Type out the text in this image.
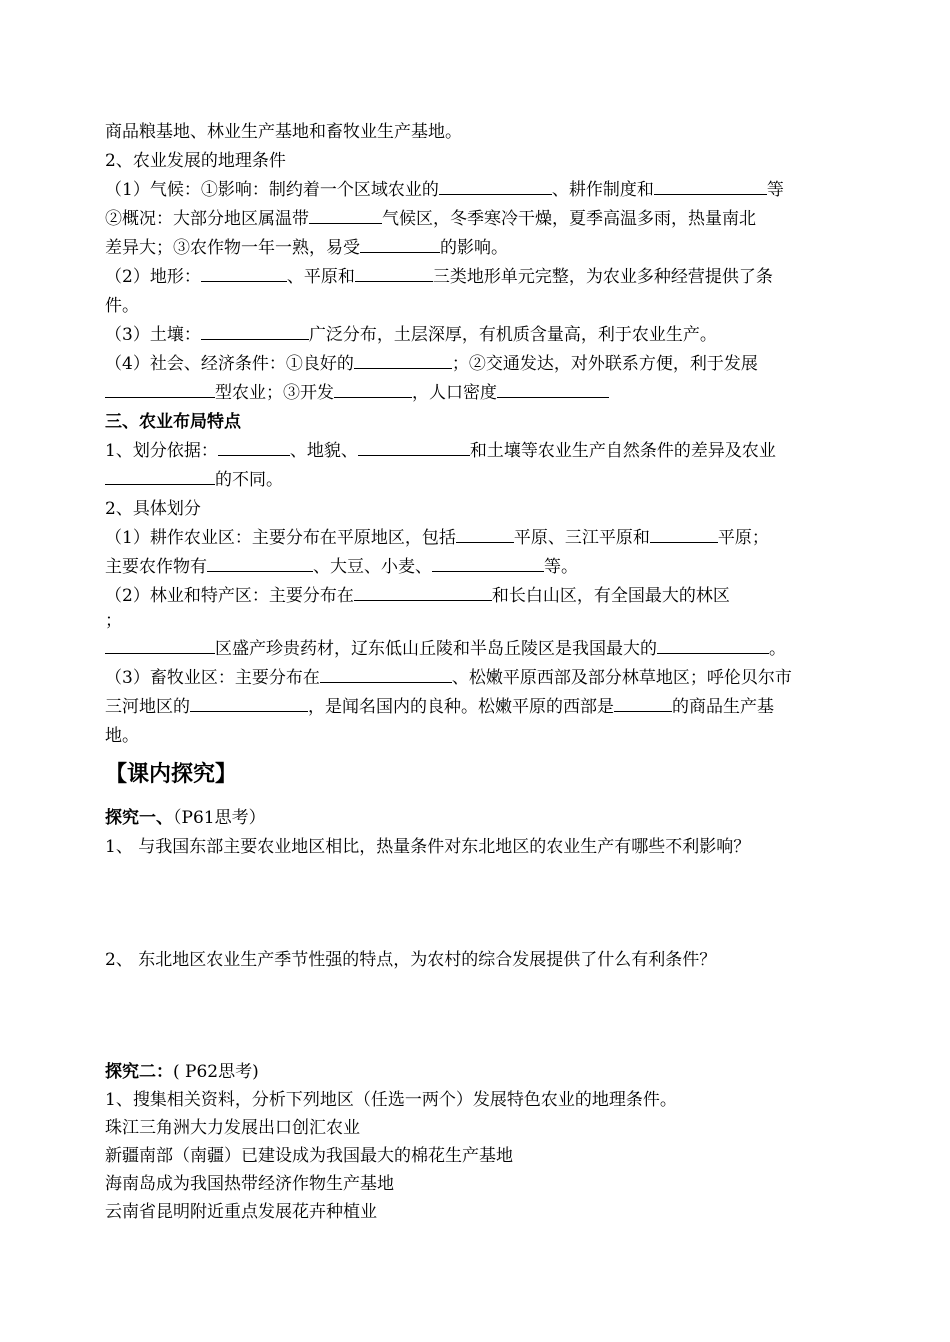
商品粮基地、林业生产基地和畜牧业生产基地。
2、农业发展的地理条件
（1）气候：①影响：制约着一个区域农业的	、耕作制度和	等
②概况：大部分地区属温带	气候区，冬季寒冷干燥，夏季高温多雨，热量南北
差异大；③农作物一年一熟，易受	的影响。
（2）地形：	、平原和	三类地形单元完整，为农业多种经营提供了条
件。
（3）土壤：	广泛分布，土层深厚，有机质含量高，利于农业生产。
（4）社会、经济条件：①良好的	；②交通发达，对外联系方便，利于发展
型农业；③开发	，人口密度
三、农业布局特点
1、划分依据：	、地貌、	和土壤等农业生产自然条件的差异及农业
的不同。
2、具体划分
（1）耕作农业区：主要分布在平原地区，包括	平原、三江平原和	平原；
主要农作物有	、大豆、小麦、	等。
（2）林业和特产区：主要分布在	和长白山区，有全国最大的林区
；
区盛产珍贵药材，辽东低山丘陵和半岛丘陵区是我国最大的	。
（3）畜牧业区：主要分布在	、松嫩平原西部及部分林草地区；呼伦贝尔市
三河地区的	，是闻名国内的良种。松嫩平原的西部是	的商品生产基
地。
【课内探究】
探究一、（P61思考）
1、 与我国东部主要农业地区相比，热量条件对东北地区的农业生产有哪些不利影响？
2、 东北地区农业生产季节性强的特点，为农村的综合发展提供了什么有利条件？
探究二：( P62思考)
1、搜集相关资料，分析下列地区（任选一两个）发展特色农业的地理条件。
珠江三角洲大力发展出口创汇农业
新疆南部（南疆）已建设成为我国最大的棉花生产基地
海南岛成为我国热带经济作物生产基地
云南省昆明附近重点发展花卉种植业
